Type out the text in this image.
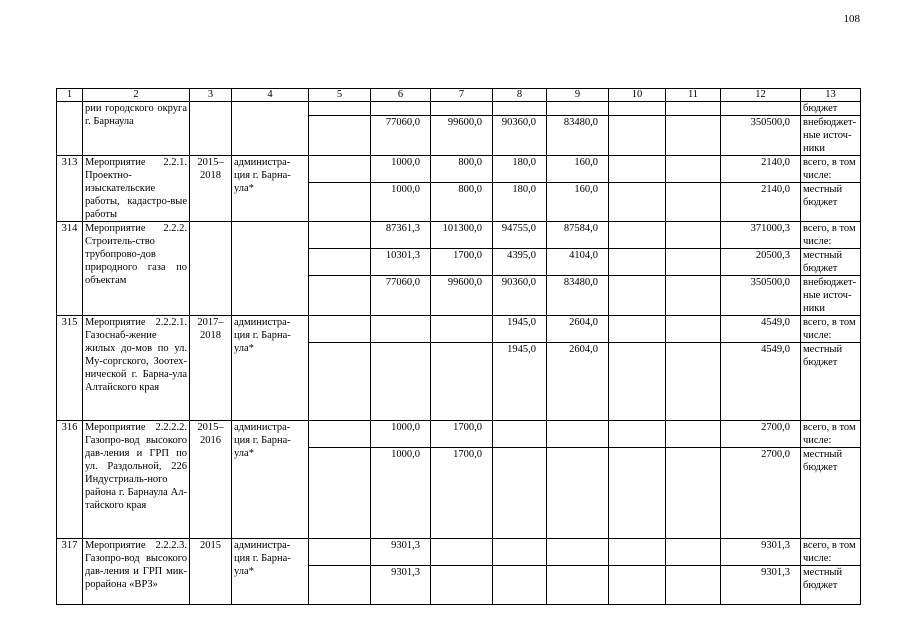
108
1	2	3	4	5	6	7	8	9	10	11	12	13
	рии городского округа г. Барнаула											бюджет
					77060,0	99600,0	90360,0	83480,0			350500,0	внебюджет-ные источ-ники
313	Мероприятие 2.2.1. Проектно-изыскательские работы, кадастро-вые работы	2015–2018	администра-ция г. Барна-ула*		1000,0	800,0	180,0	160,0			2140,0	всего, в том числе:
					1000,0	800,0	180,0	160,0			2140,0	местный бюджет
314	Мероприятие 2.2.2. Строитель-ство трубопрово-дов природного газа по объектам				87361,3	101300,0	94755,0	87584,0			371000,3	всего, в том числе:
					10301,3	1700,0	4395,0	4104,0			20500,3	местный бюджет
					77060,0	99600,0	90360,0	83480,0			350500,0	внебюджет-ные источ-ники
315	Мероприятие 2.2.2.1. Газоснаб-жение жилых до-мов по ул. Му-соргского, Зоотех-нической г. Барна-ула Алтайского края	2017–2018	администра-ция г. Барна-ула*				1945,0	2604,0			4549,0	всего, в том числе:
							1945,0	2604,0			4549,0	местный бюджет
316	Мероприятие 2.2.2.2. Газопро-вод высокого дав-ления и ГРП по ул. Раздольной, 226 Индустриаль-ного района г. Барнаула Ал-тайского края	2015–2016	администра-ция г. Барна-ула*		1000,0	1700,0					2700,0	всего, в том числе:
					1000,0	1700,0					2700,0	местный бюджет
317	Мероприятие 2.2.2.3. Газопро-вод высокого дав-ления и ГРП мик-рорайона «ВРЗ»	2015	администра-ция г. Барна-ула*		9301,3						9301,3	всего, в том числе:
					9301,3						9301,3	местный бюджет
